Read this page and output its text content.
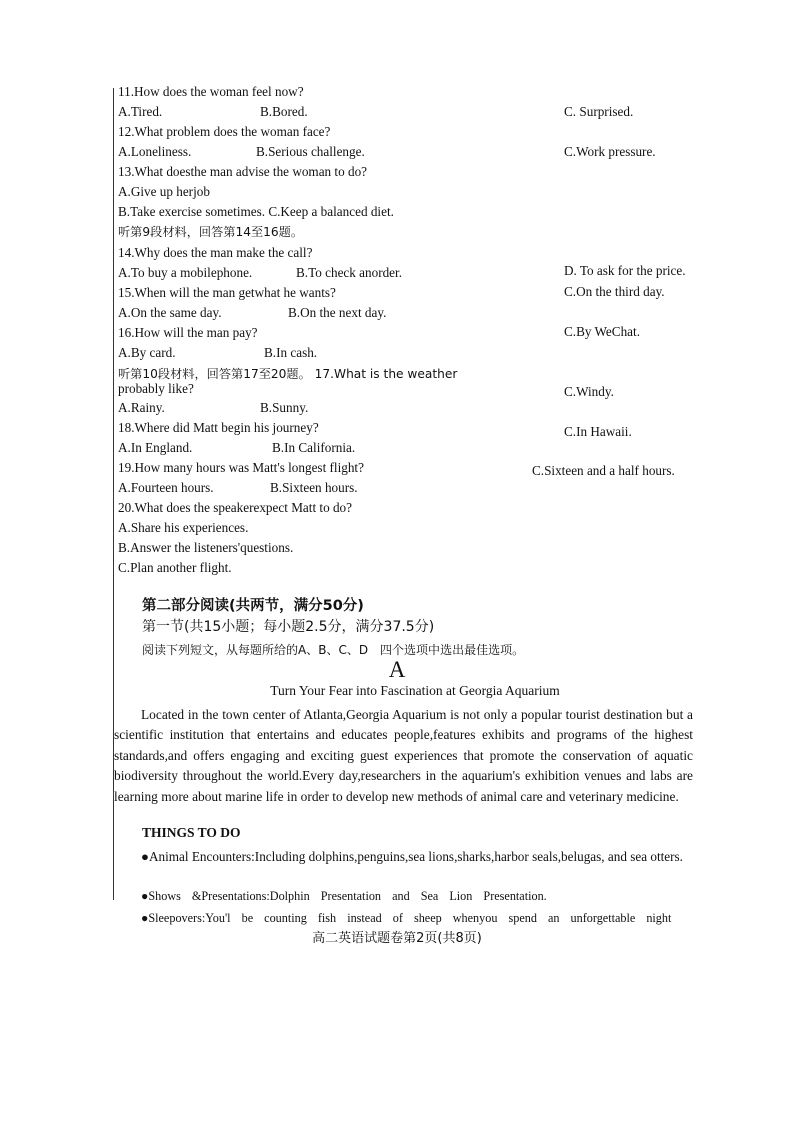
11.How does the woman feel now?
A.Tired.	B.Bored.	C. Surprised.
12.What problem does the woman face?
A.Loneliness.	B.Serious challenge.	C.Work pressure.
13.What doesthe man advise the woman to do?
A.Give up herjob
B.Take exercise sometimes. C.Keep a balanced diet.
听第9段材料，回答第14至16题。
14.Why does the man make the call?
A.To buy a mobilephone.	B.To check anorder.	D. To ask for the price.
15.When will the man getwhat he wants?	C.On the third day.
A.On the same day.	B.On the next day.
16.How will the man pay?	C.By WeChat.
A.By card.	B.In cash.
听第10段材料，回答第17至20题。 17.What is the weather
probably like?	C.Windy.
A.Rainy.	B.Sunny.
18.Where did Matt begin his journey?	C.In Hawaii.
A.In England.	B.In California.
19.How many hours was Matt's longest flight?	C.Sixteen and a half hours.
A.Fourteen hours.	B.Sixteen hours.
20.What does the speakerexpect Matt to do?
A.Share his experiences.
B.Answer the listeners'questions.
C.Plan another flight.
第二部分阅读(共两节，满分50分)
第一节(共15小题；每小题2.5分，满分37.5分)
阅读下列短文，从每题所给的A、B、C、D　四个选项中选出最佳选项。
A
Turn Your Fear into Fascination at Georgia Aquarium
Located in the town center of Atlanta,Georgia Aquarium is not only a popular tourist destination but a scientific institution that entertains and educates people,features exhibits and programs of the highest standards,and offers engaging and exciting guest experiences that promote the conservation of aquatic biodiversity throughout the world.Every day,researchers in the aquarium's exhibition venues and labs are learning more about marine life in order to develop new methods of animal care and veterinary medicine.
THINGS TO DO
●Animal Encounters:Including dolphins,penguins,sea lions,sharks,harbor seals,belugas, and sea otters.
●Shows &Presentations:Dolphin Presentation and Sea Lion Presentation.
●Sleepovers:You'l be counting fish instead of sheep whenyou spend an unforgettable night
高二英语试题卷第2页(共8页)
